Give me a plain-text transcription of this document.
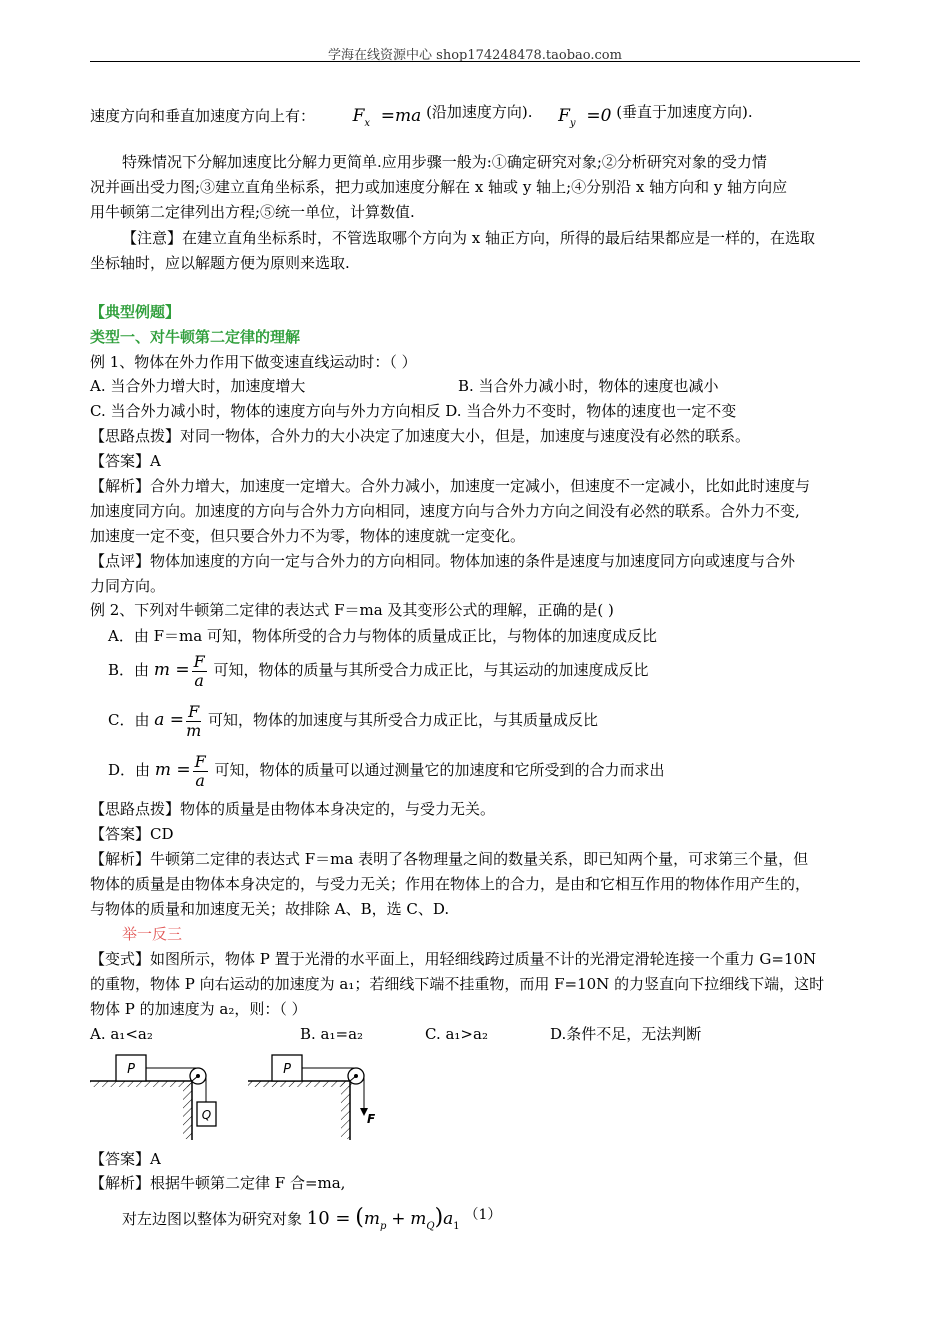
学海在线资源中心 shop174248478.taobao.com
速度方向和垂直加速度方向上有： $F_x =ma$ (沿加速度方向). $F_y =0$ (垂直于加速度方向).
特殊情况下分解加速度比分解力更简单.应用步骤一般为:①确定研究对象;②分析研究对象的受力情
况并画出受力图;③建立直角坐标系，把力或加速度分解在 x 轴或 y 轴上;④分别沿 x 轴方向和 y 轴方向应
用牛顿第二定律列出方程;⑤统一单位，计算数值.
【注意】在建立直角坐标系时，不管选取哪个方向为 x 轴正方向，所得的最后结果都应是一样的，在选取
坐标轴时，应以解题方便为原则来选取.
【典型例题】
类型一、对牛顿第二定律的理解
例 1、物体在外力作用下做变速直线运动时：（ ）
A. 当合外力增大时，加速度增大	B. 当合外力减小时，物体的速度也减小
C. 当合外力减小时，物体的速度方向与外力方向相反 D. 当合外力不变时，物体的速度也一定不变
【思路点拨】对同一物体，合外力的大小决定了加速度大小，但是，加速度与速度没有必然的联系。
【答案】A
【解析】合外力增大，加速度一定增大。合外力减小，加速度一定减小，但速度不一定减小，比如此时速度与
加速度同方向。加速度的方向与合外力方向相同，速度方向与合外力方向之间没有必然的联系。合外力不变,
加速度一定不变，但只要合外力不为零，物体的速度就一定变化。
【点评】物体加速度的方向一定与合外力的方向相同。物体加速的条件是速度与加速度同方向或速度与合外
力同方向。
例 2、下列对牛顿第二定律的表达式 F＝ma 及其变形公式的理解，正确的是( )
A．由 F＝ma 可知，物体所受的合力与物体的质量成正比，与物体的加速度成反比
B．由 $m = \frac{F}{a}$ 可知，物体的质量与其所受合力成正比，与其运动的加速度成反比
C．由 $a = \frac{F}{m}$ 可知，物体的加速度与其所受合力成正比，与其质量成反比
D．由 $m = \frac{F}{a}$ 可知，物体的质量可以通过测量它的加速度和它所受到的合力而求出
【思路点拨】物体的质量是由物体本身决定的，与受力无关。
【答案】CD
【解析】牛顿第二定律的表达式 F＝ma 表明了各物理量之间的数量关系，即已知两个量，可求第三个量，但
物体的质量是由物体本身决定的，与受力无关；作用在物体上的合力，是由和它相互作用的物体作用产生的，
与物体的质量和加速度无关；故排除 A、B，选 C、D.
举一反三
【变式】如图所示，物体 P 置于光滑的水平面上，用轻细线跨过质量不计的光滑定滑轮连接一个重力 G=10N
的重物，物体 P 向右运动的加速度为 a₁；若细线下端不挂重物，而用 F=10N 的力竖直向下拉细线下端，这时
物体 P 的加速度为 a₂，则：（ ）
A. a₁<a₂	B. a₁=a₂	C. a₁>a₂	D.条件不足，无法判断
P
Q
P
F
【答案】A
【解析】根据牛顿第二定律 F 合=ma,
对左边图以整体为研究对象 $10 = (m_p + m_Q)a_1$ （1）
